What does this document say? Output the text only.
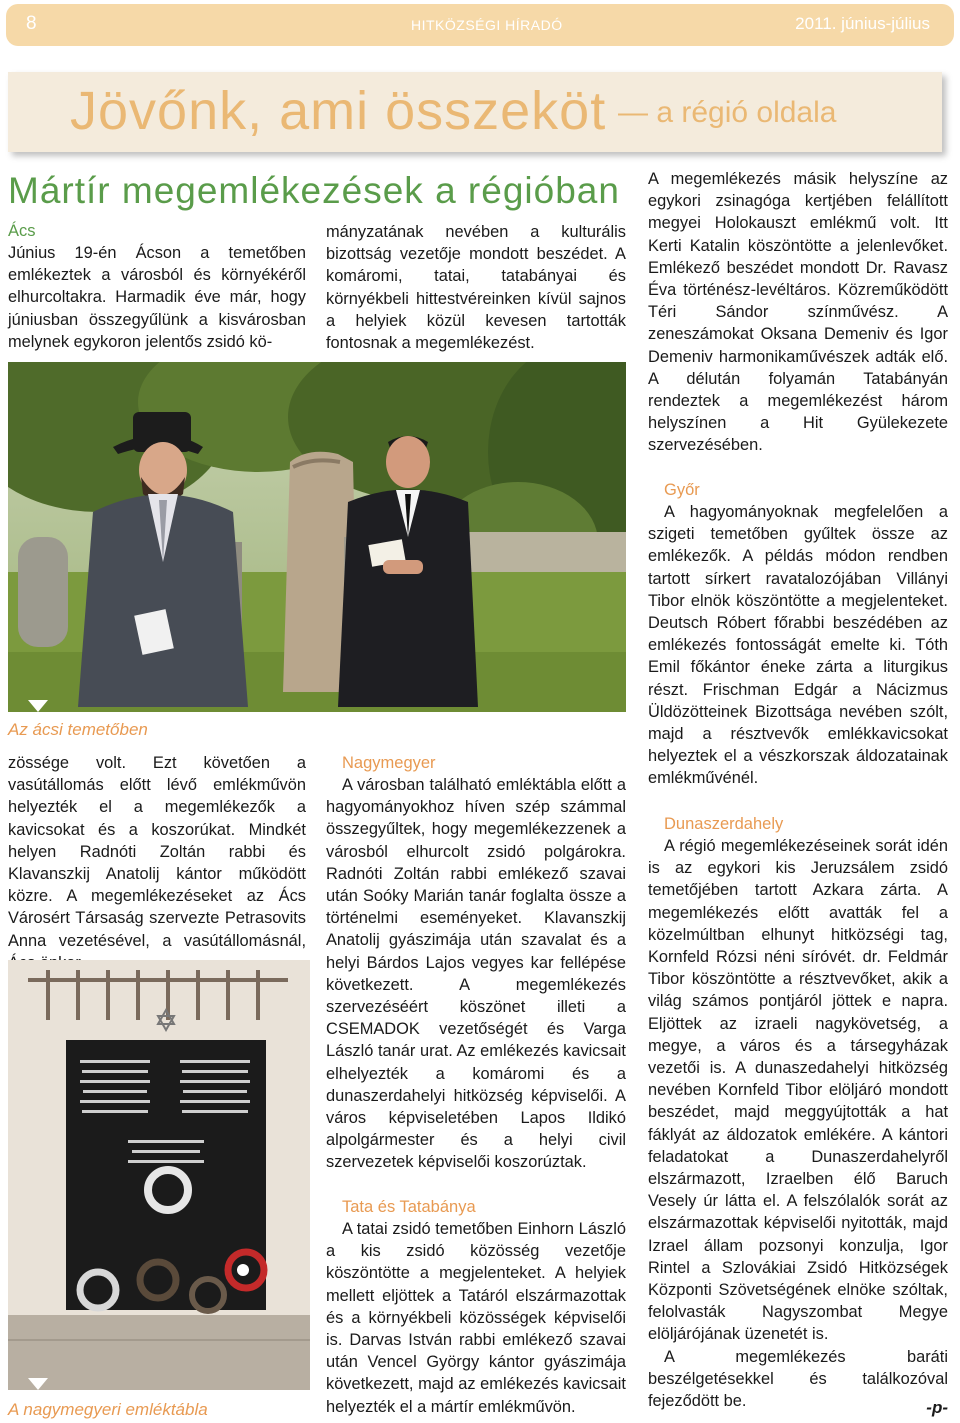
8	HITKÖZSÉGI HÍRADÓ	2011. június-július
Jövőnk, ami összeköt — a régió oldala
Mártír megemlékezések a régióban
Ács

Június 19-én Ácson a temetőben emlékeztek a városból és környékéről elhurcoltakra. Harmadik éve már, hogy júniusban összegyűlünk a kisvárosban melynek egykoron jelentős zsidó kö-

mányzatának nevében a kulturális bizottság vezetője mondott beszédet. A komáromi, tatai, tatabányai és környékbeli hittestvéreinken kívül sajnos a helyiek közül kevesen tartották fontosnak a megemlékezést.

A megemlékezés másik helyszíne az egykori zsinagóga kertjében felállított megyei Holokauszt emlékmű volt. Itt Kerti Katalin köszöntötte a jelenlevőket. Emlékező beszédet mondott Dr. Ravasz Éva történész-levéltáros. Közreműködött Téri Sándor színművész. A zeneszámokat Oksana Demeniv és Igor Demeniv harmonikaművészek adták elő. A délután folyamán Tatabányán rendeztek a megemlékezést három helyszínen a Hit Gyülekezete szervezésében.

Az ácsi temetőben

zössége volt. Ezt követően a vasútállomás előtt lévő emlékművön helyezték el a megemlékezők a kavicsokat és a koszorúkat. Mindkét helyen Radnóti Zoltán rabbi és Klavanszkij Anatolij kántor működött közre. A megemlékezéseket az Ács Városért Társaság szervezte Petrasovits Anna vezetésével, a vasútállomásnál,

A nagymegyeri emléktábla
Nagymegyer

A városban található emléktábla előtt a hagyományokhoz híven szép számmal összegyűltek, hogy megemlékezzenek a városból elhurcolt zsidó polgárokra. Radnóti Zoltán rabbi emlékező szavai után Soóky Marián tanár foglalta össze a történelmi eseményeket. Klavanszkij Anatolij gyászimája után szavalat és a helyi Bárdos Lajos vegyes kar fellépése következett. A megemlékezés szervezéséért köszönet illeti a CSEMADOK vezetőségét és Varga László tanár urat. Az emlékezés kavicsait elhelyezték a komáromi és a dunaszerdahelyi hitközség képviselői. A város képviseletében Lapos Ildikó alpolgármester és a helyi civil szervezetek képviselői koszorúztak.

Tata és Tatabánya

A tatai zsidó temetőben Einhorn László a kis zsidó közösség vezetője köszöntötte a megjelenteket. A helyiek mellett eljöttek a Tatáról elszármazottak és a környékbeli közösségek képviselői is. Darvas István rabbi emlékező szavai után Vencel György kántor gyászimája következett, majd az emlékezés kavicsait helyezték el a mártír emlékművön.

Győr

A hagyományoknak megfelelően a szigeti temetőben gyűltek össze az emlékezők. A példás módon rendben tartott sírkert ravatalozójában Villányi Tibor elnök köszöntötte a megjelenteket. Deutsch Róbert főrabbi beszédében az emlékezés fontosságát emelte ki. Tóth Emil főkántor éneke zárta a liturgikus részt. Frischman Edgár a Nácizmus Üldözötteinek Bizottsága nevében szólt, majd a résztvevők emlékkavicsokat helyeztek el a vészkorszak áldozatainak emlékművénél.

Dunaszerdahely

A régió megemlékezéseinek sorát idén is az egykori kis Jeruzsálem zsidó temetőjében tartott Azkara zárta. A megemlékezés előtt avatták fel a közelmúltban elhunyt hitközségi tag, Kornfeld Rózsi néni síróvét. dr. Feldmár Tibor köszöntötte a résztvevőket, akik a világ számos pontjáról jöttek e napra. Eljöttek az izraeli nagykövetség, a megye, a város és a társegyházak vezetői is. A dunaszedahelyi hitközség nevében Kornfeld Tibor elöljáró mondott beszédet, majd meggyújtották a hat fáklyát az áldozatok emlékére. A kántori feladatokat a Dunaszerdahelyről elszármazott, Izraelben élő Baruch Vesely úr látta el. A felszólalók sorát az elszármazottak képviselői nyitották, majd Izrael állam pozsonyi konzulja, Igor Rintel a Szlovákiai Zsidó Hitközségek Központi Szövetségének elnöke szóltak, felolvasták Nagyszombat Megye elöljárójának üzenetét is.

A megemlékezés baráti beszélgetésekkel és találkozóval fejeződött be.	-p-
